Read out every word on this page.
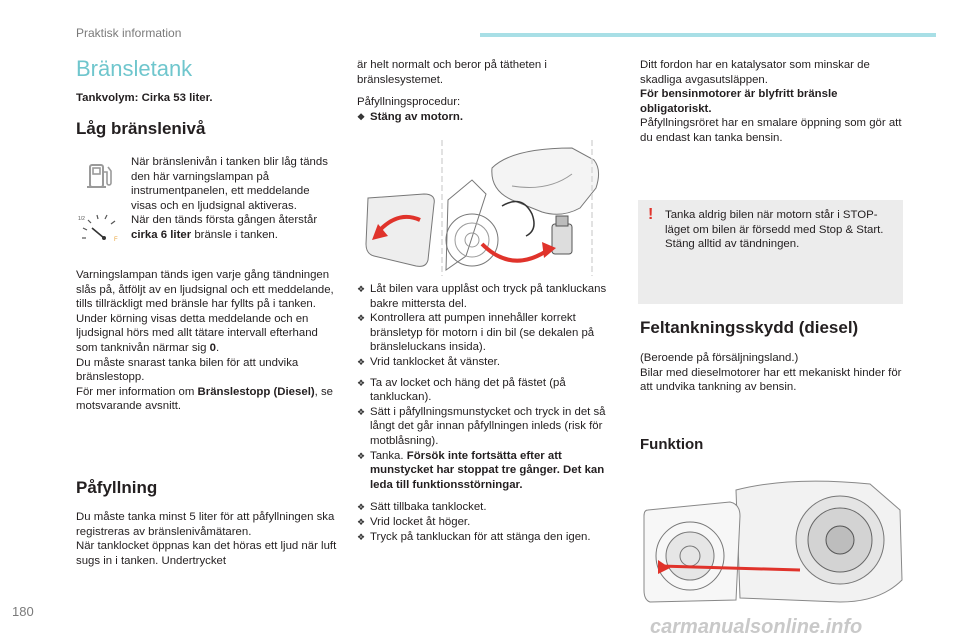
Praktisk information
Bränsletank
Tankvolym: Cirka 53 liter.
Låg bränslenivå
1/2
F
När bränslenivån i tanken blir låg tänds den här varningslampan på instrumentpanelen, ett meddelande visas och en ljudsignal aktiveras.
När den tänds första gången återstår cirka 6 liter bränsle i tanken.
Varningslampan tänds igen varje gång tändningen slås på, åtföljt av en ljudsignal och ett meddelande, tills tillräckligt med bränsle har fyllts på i tanken. Under körning visas detta meddelande och en ljudsignal hörs med allt tätare intervall efterhand som tanknivån närmar sig 0.
Du måste snarast tanka bilen för att undvika bränslestopp.
För mer information om Bränslestopp (Diesel), se motsvarande avsnitt.
Påfyllning
Du måste tanka minst 5 liter för att påfyllningen ska registreras av bränslenivåmätaren.
När tanklocket öppnas kan det höras ett ljud när luft sugs in i tanken. Undertrycket
är helt normalt och beror på tätheten i bränslesystemet.
Påfyllningsprocedur:
❖ Stäng av motorn.
❖ Låt bilen vara upplåst och tryck på tankluckans bakre mittersta del.
❖ Kontrollera att pumpen innehåller korrekt bränsletyp för motorn i din bil (se dekalen på bränsleluckans insida).
❖ Vrid tanklocket åt vänster.
❖ Ta av locket och häng det på fästet (på tankluckan).
❖ Sätt i påfyllningsmunstycket och tryck in det så långt det går innan påfyllningen inleds (risk för motblåsning).
❖ Tanka. Försök inte fortsätta efter att munstycket har stoppat tre gånger. Det kan leda till funktionsstörningar.
❖ Sätt tillbaka tanklocket.
❖ Vrid locket åt höger.
❖ Tryck på tankluckan för att stänga den igen.
Ditt fordon har en katalysator som minskar de skadliga avgasutsläppen.
För bensinmotorer är blyfritt bränsle obligatoriskt.
Påfyllningsröret har en smalare öppning som gör att du endast kan tanka bensin.
! Tanka aldrig bilen när motorn står i STOP-läget om bilen är försedd med Stop & Start. Stäng alltid av tändningen.
Feltankningsskydd (diesel)
(Beroende på försäljningsland.)
Bilar med dieselmotorer har ett mekaniskt hinder för att undvika tankning av bensin.
Funktion
180
carmanualsonline.info
